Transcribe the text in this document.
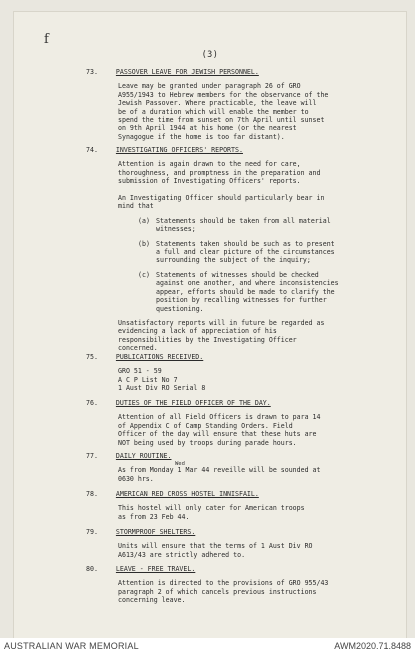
f
(3)
73.	PASSOVER LEAVE FOR JEWISH PERSONNEL.
Leave may be granted under paragraph 26 of GRO
A955/1943 to Hebrew members for the observance of the
Jewish Passover. Where practicable, the leave will
be of a duration which will enable the member to
spend the time from sunset on 7th April until sunset
on 9th April 1944 at his home (or the nearest
Synagogue if the home is too far distant).
74.	INVESTIGATING OFFICERS' REPORTS.
Attention is again drawn to the need for care,
thoroughness, and promptness in the preparation and
submission of Investigating Officers' reports.

An Investigating Officer should particularly bear in
mind that
(a) Statements should be taken from all material
witnesses;
(b) Statements taken should be such as to present
a full and clear picture of the circumstances
surrounding the subject of the inquiry;
(c) Statements of witnesses should be checked
against one another, and where inconsistencies
appear, efforts should be made to clarify the
position by recalling witnesses for further
questioning.
Unsatisfactory reports will in future be regarded as
evidencing a lack of appreciation of his
responsibilities by the Investigating Officer
concerned.
75.	PUBLICATIONS RECEIVED.
GRO 51 - 59
A C P List No 7
1 Aust Div RO Serial 8
76.	DUTIES OF THE FIELD OFFICER OF THE DAY.
Attention of all Field Officers is drawn to para 14
of Appendix C of Camp Standing Orders. Field
Officer of the day will ensure that these huts are
NOT being used by troops during parade hours.
77.	DAILY ROUTINE.
Wed
As from Monday 1 Mar 44 reveille will be sounded at
0630 hrs.
78.	AMERICAN RED CROSS HOSTEL INNISFAIL.
This hostel will only cater for American troops
as from 23 Feb 44.
79.	STORMPROOF SHELTERS.
Units will ensure that the terms of 1 Aust Div RO
A613/43 are strictly adhered to.
80.	LEAVE - FREE TRAVEL.
Attention is directed to the provisions of GRO 955/43
paragraph 2 of which cancels previous instructions
concerning leave.
AUSTRALIAN WAR MEMORIAL	AWM2020.71.8488
